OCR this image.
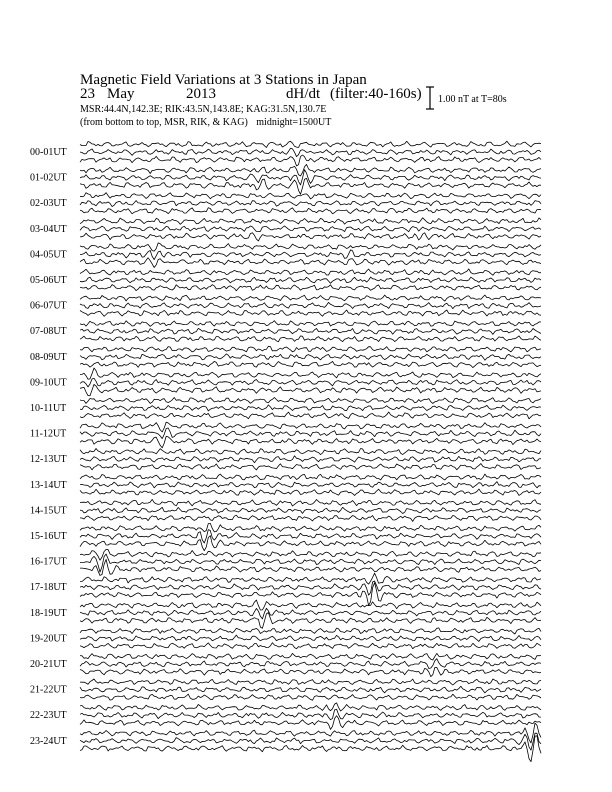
00-01UT
01-02UT
02-03UT
03-04UT
04-05UT
05-06UT
06-07UT
07-08UT
08-09UT
09-10UT
10-11UT
11-12UT
12-13UT
13-14UT
14-15UT
15-16UT
16-17UT
17-18UT
18-19UT
19-20UT
20-21UT
21-22UT
22-23UT
23-24UT
Magnetic Field Variations at 3 Stations in Japan
23 May	2013	dH/dt (filter:40-160s)
MSR:44.4N,142.3E; RIK:43.5N,143.8E; KAG:31.5N,130.7E
(from bottom to top, MSR, RIK, & KAG) midnight=1500UT
1.00 nT at T=80s
